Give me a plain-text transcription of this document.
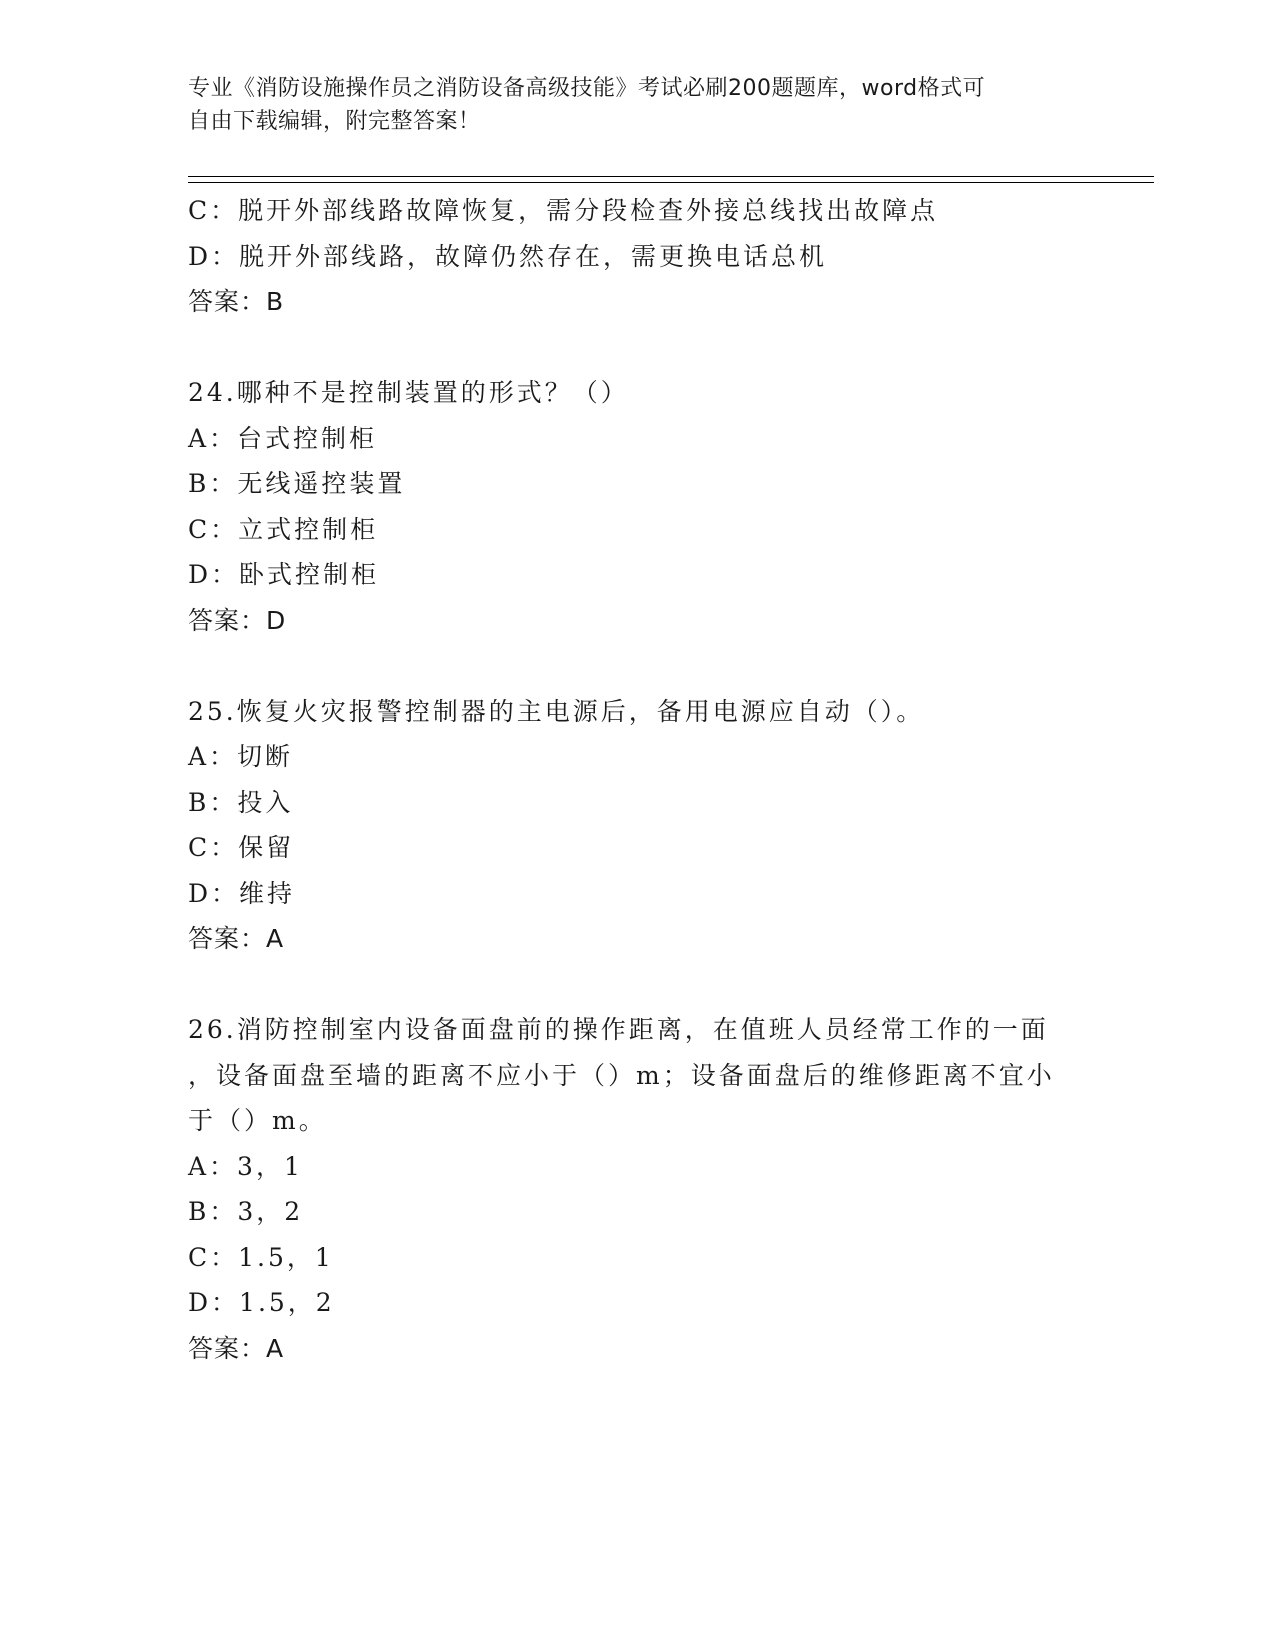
专业《消防设施操作员之消防设备高级技能》考试必刷200题题库，word格式可
自由下载编辑，附完整答案！
C：脱开外部线路故障恢复，需分段检查外接总线找出故障点
D：脱开外部线路，故障仍然存在，需更换电话总机
答案：B
24.哪种不是控制装置的形式？（）
A：台式控制柜
B：无线遥控装置
C：立式控制柜
D：卧式控制柜
答案：D
25.恢复火灾报警控制器的主电源后，备用电源应自动（）。
A：切断
B：投入
C：保留
D：维持
答案：A
26.消防控制室内设备面盘前的操作距离，在值班人员经常工作的一面
，设备面盘至墙的距离不应小于（）m；设备面盘后的维修距离不宜小
于（）m。
A：3，1
B：3，2
C：1.5，1
D：1.5，2
答案：A
